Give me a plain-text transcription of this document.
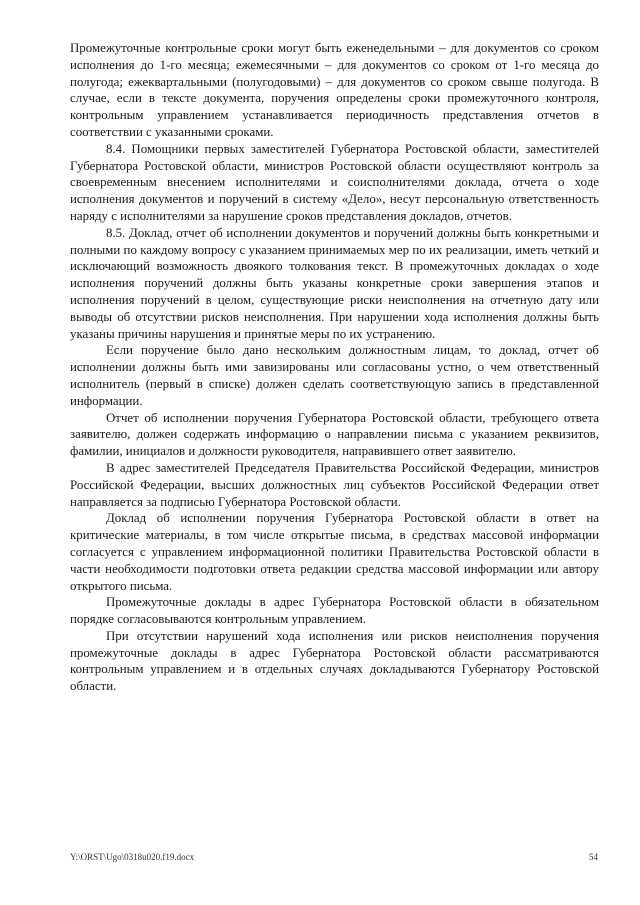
Промежуточные контрольные сроки могут быть еженедельными – для документов со сроком исполнения до 1-го месяца; ежемесячными – для документов со сроком от 1-го месяца до полугода; ежеквартальными (полугодовыми) – для документов со сроком свыше полугода. В случае, если в тексте документа, поручения определены сроки промежуточного контроля, контрольным управлением устанавливается периодичность представления отчетов в соответствии с указанными сроками.

8.4. Помощники первых заместителей Губернатора Ростовской области, заместителей Губернатора Ростовской области, министров Ростовской области осуществляют контроль за своевременным внесением исполнителями и соисполнителями доклада, отчета о ходе исполнения документов и поручений в систему «Дело», несут персональную ответственность наряду с исполнителями за нарушение сроков представления докладов, отчетов.

8.5. Доклад, отчет об исполнении документов и поручений должны быть конкретными и полными по каждому вопросу с указанием принимаемых мер по их реализации, иметь четкий и исключающий возможность двоякого толкования текст. В промежуточных докладах о ходе исполнения поручений должны быть указаны конкретные сроки завершения этапов и исполнения поручений в целом, существующие риски неисполнения на отчетную дату или выводы об отсутствии рисков неисполнения. При нарушении хода исполнения должны быть указаны причины нарушения и принятые меры по их устранению.

Если поручение было дано нескольким должностным лицам, то доклад, отчет об исполнении должны быть ими завизированы или согласованы устно, о чем ответственный исполнитель (первый в списке) должен сделать соответствующую запись в представленной информации.

Отчет об исполнении поручения Губернатора Ростовской области, требующего ответа заявителю, должен содержать информацию о направлении письма с указанием реквизитов, фамилии, инициалов и должности руководителя, направившего ответ заявителю.

В адрес заместителей Председателя Правительства Российской Федерации, министров Российской Федерации, высших должностных лиц субъектов Российской Федерации ответ направляется за подписью Губернатора Ростовской области.

Доклад об исполнении поручения Губернатора Ростовской области в ответ на критические материалы, в том числе открытые письма, в средствах массовой информации согласуется с управлением информационной политики Правительства Ростовской области в части необходимости подготовки ответа редакции средства массовой информации или автору открытого письма.

Промежуточные доклады в адрес Губернатора Ростовской области в обязательном порядке согласовываются контрольным управлением.

При отсутствии нарушений хода исполнения или рисков неисполнения поручения промежуточные доклады в адрес Губернатора Ростовской области рассматриваются контрольным управлением и в отдельных случаях докладываются Губернатору Ростовской области.

Y:\ORST\Ugo\0318u020.f19.docx	54
